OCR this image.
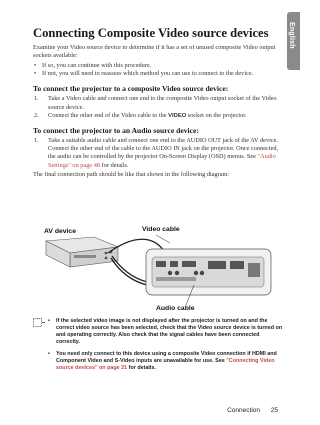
English
Connecting Composite Video source devices
Examine your Video source device to determine if it has a set of unused composite Video output sockets available:
• If so, you can continue with this procedure.
• If not, you will need to reassess which method you can use to connect to the device.
To connect the projector to a composite Video source device:
1. Take a Video cable and connect one end to the composite Video output socket of the Video source device.
2. Connect the other end of the Video cable to the VIDEO socket on the projector.
To connect the projector to an Audio source device:
1. Take a suitable audio cable and connect one end to the AUDIO OUT jack of the AV device. Connect the other end of the cable to the AUDIO IN jack on the projector. Once connected, the audio can be controlled by the projector On-Screen Display (OSD) menus. See "Audio Settings" on page 48 for details.
The final connection path should be like that shown in the following diagram:
AV device	Video cable
Audio cable
• If the selected video image is not displayed after the projector is turned on and the correct video source has been selected, check that the Video source device is turned on and operating correctly. Also check that the signal cables have been connected correctly.
• You need only connect to this device using a composite Video connection if HDMI and Component Video and S-Video inputs are unavailable for use. See "Connecting Video source devices" on page 21 for details.
Connection 25
